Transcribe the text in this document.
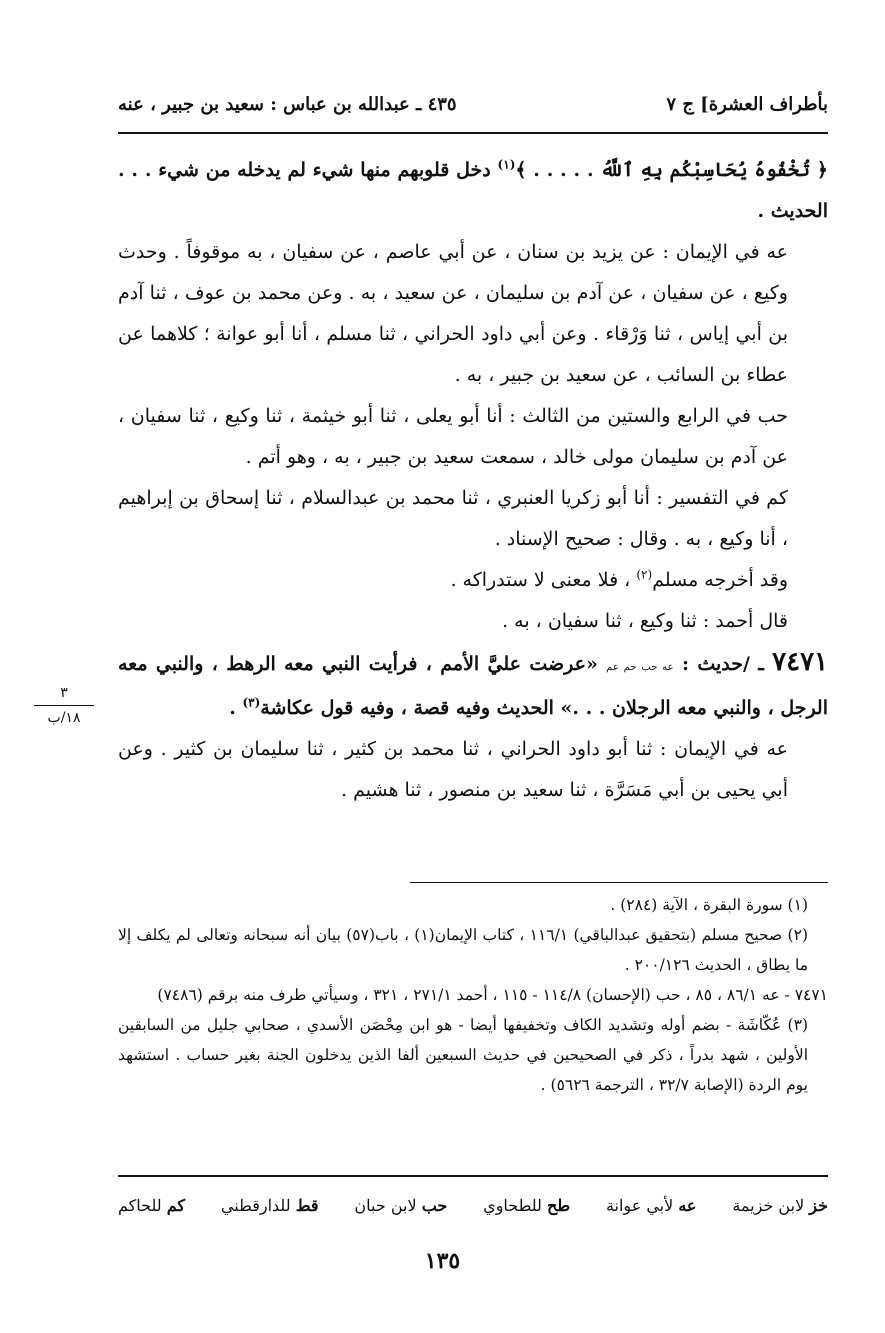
بأطراف العشرة] ج ٧
٤٣٥ ـ عبدالله بن عباس : سعيد بن جبير ، عنه

﴿ تُخْفُوهُ يُحَاسِبْكُم بِهِ ٱللَّهُ . . . . . ﴾$^{(١)}$ دخل قلوبهم منها شيء لم يدخله من شيء . . . الحديث .

عه في الإيمان : عن يزيد بن سنان ، عن أبي عاصم ، عن سفيان ، به موقوفاً . وحدث وكيع ، عن سفيان ، عن آدم بن سليمان ، عن سعيد ، به . وعن محمد بن عوف ، ثنا آدم بن أبي إياس ، ثنا وَرْقاء . وعن أبي داود الحراني ، ثنا مسلم ، أنا أبو عوانة ؛ كلاهما عن عطاء بن السائب ، عن سعيد بن جبير ، به .

حب في الرابع والستين من الثالث : أنا أبو يعلى ، ثنا أبو خيثمة ، ثنا وكيع ، ثنا سفيان ، عن آدم بن سليمان مولى خالد ، سمعت سعيد بن جبير ، به ، وهو أتم .

كم في التفسير : أنا أبو زكريا العنبري ، ثنا محمد بن عبدالسلام ، ثنا إسحاق بن إبراهيم ، أنا وكيع ، به . وقال : صحيح الإسناد .

وقد أخرجه مسلم$^{(٢)}$ ، فلا معنى لا ستدراكه .

قال أحمد : ثنا وكيع ، ثنا سفيان ، به .

٧٤٧١ ـ /حديث : عه حب حم عم «عرضت عليَّ الأمم ، فرأيت النبي معه الرهط ، والنبي معه الرجل ، والنبي معه الرجلان . . .» الحديث وفيه قصة ، وفيه قول عكاشة$^{(٣)}$ .

عه في الإيمان : ثنا أبو داود الحراني ، ثنا محمد بن كثير ، ثنا سليمان بن كثير . وعن أبي يحيى بن أبي مَسَرَّة ، ثنا سعيد بن منصور ، ثنا هشيم .

٣
١٨/ب

(١) سورة البقرة ، الآية (٢٨٤) .

(٢) صحيح مسلم (بتحقيق عبدالباقي) ١١٦/١ ، كتاب الإيمان(١) ، باب(٥٧) بيان أنه سبحانه وتعالى لم يكلف إلا ما يطاق ، الحديث ٢٠٠/١٢٦ .

٧٤٧١ - عه ٨٦/١ ، ٨٥ ، حب (الإحسان) ١١٤/٨ - ١١٥ ، أحمد ٢٧١/١ ، ٣٢١ ، وسيأتي طرف منه برقم (٧٤٨٦)

(٣) عُكّاشَة - بضم أوله وتشديد الكاف وتخفيفها أيضا - هو ابن مِحْصَن الأسدي ، صحابي جليل من السابقين الأولين ، شهد بدراً ، ذكر في الصحيحين في حديث السبعين ألفا الذين يدخلون الجنة بغير حساب . استشهد يوم الردة (الإصابة ٣٢/٧ ، الترجمة ٥٦٢٦) .

خز لابن خزيمة
عه لأبي عوانة
طح للطحاوي
حب لابن حبان
قط للدارقطني
كم للحاكم
١٣٥
